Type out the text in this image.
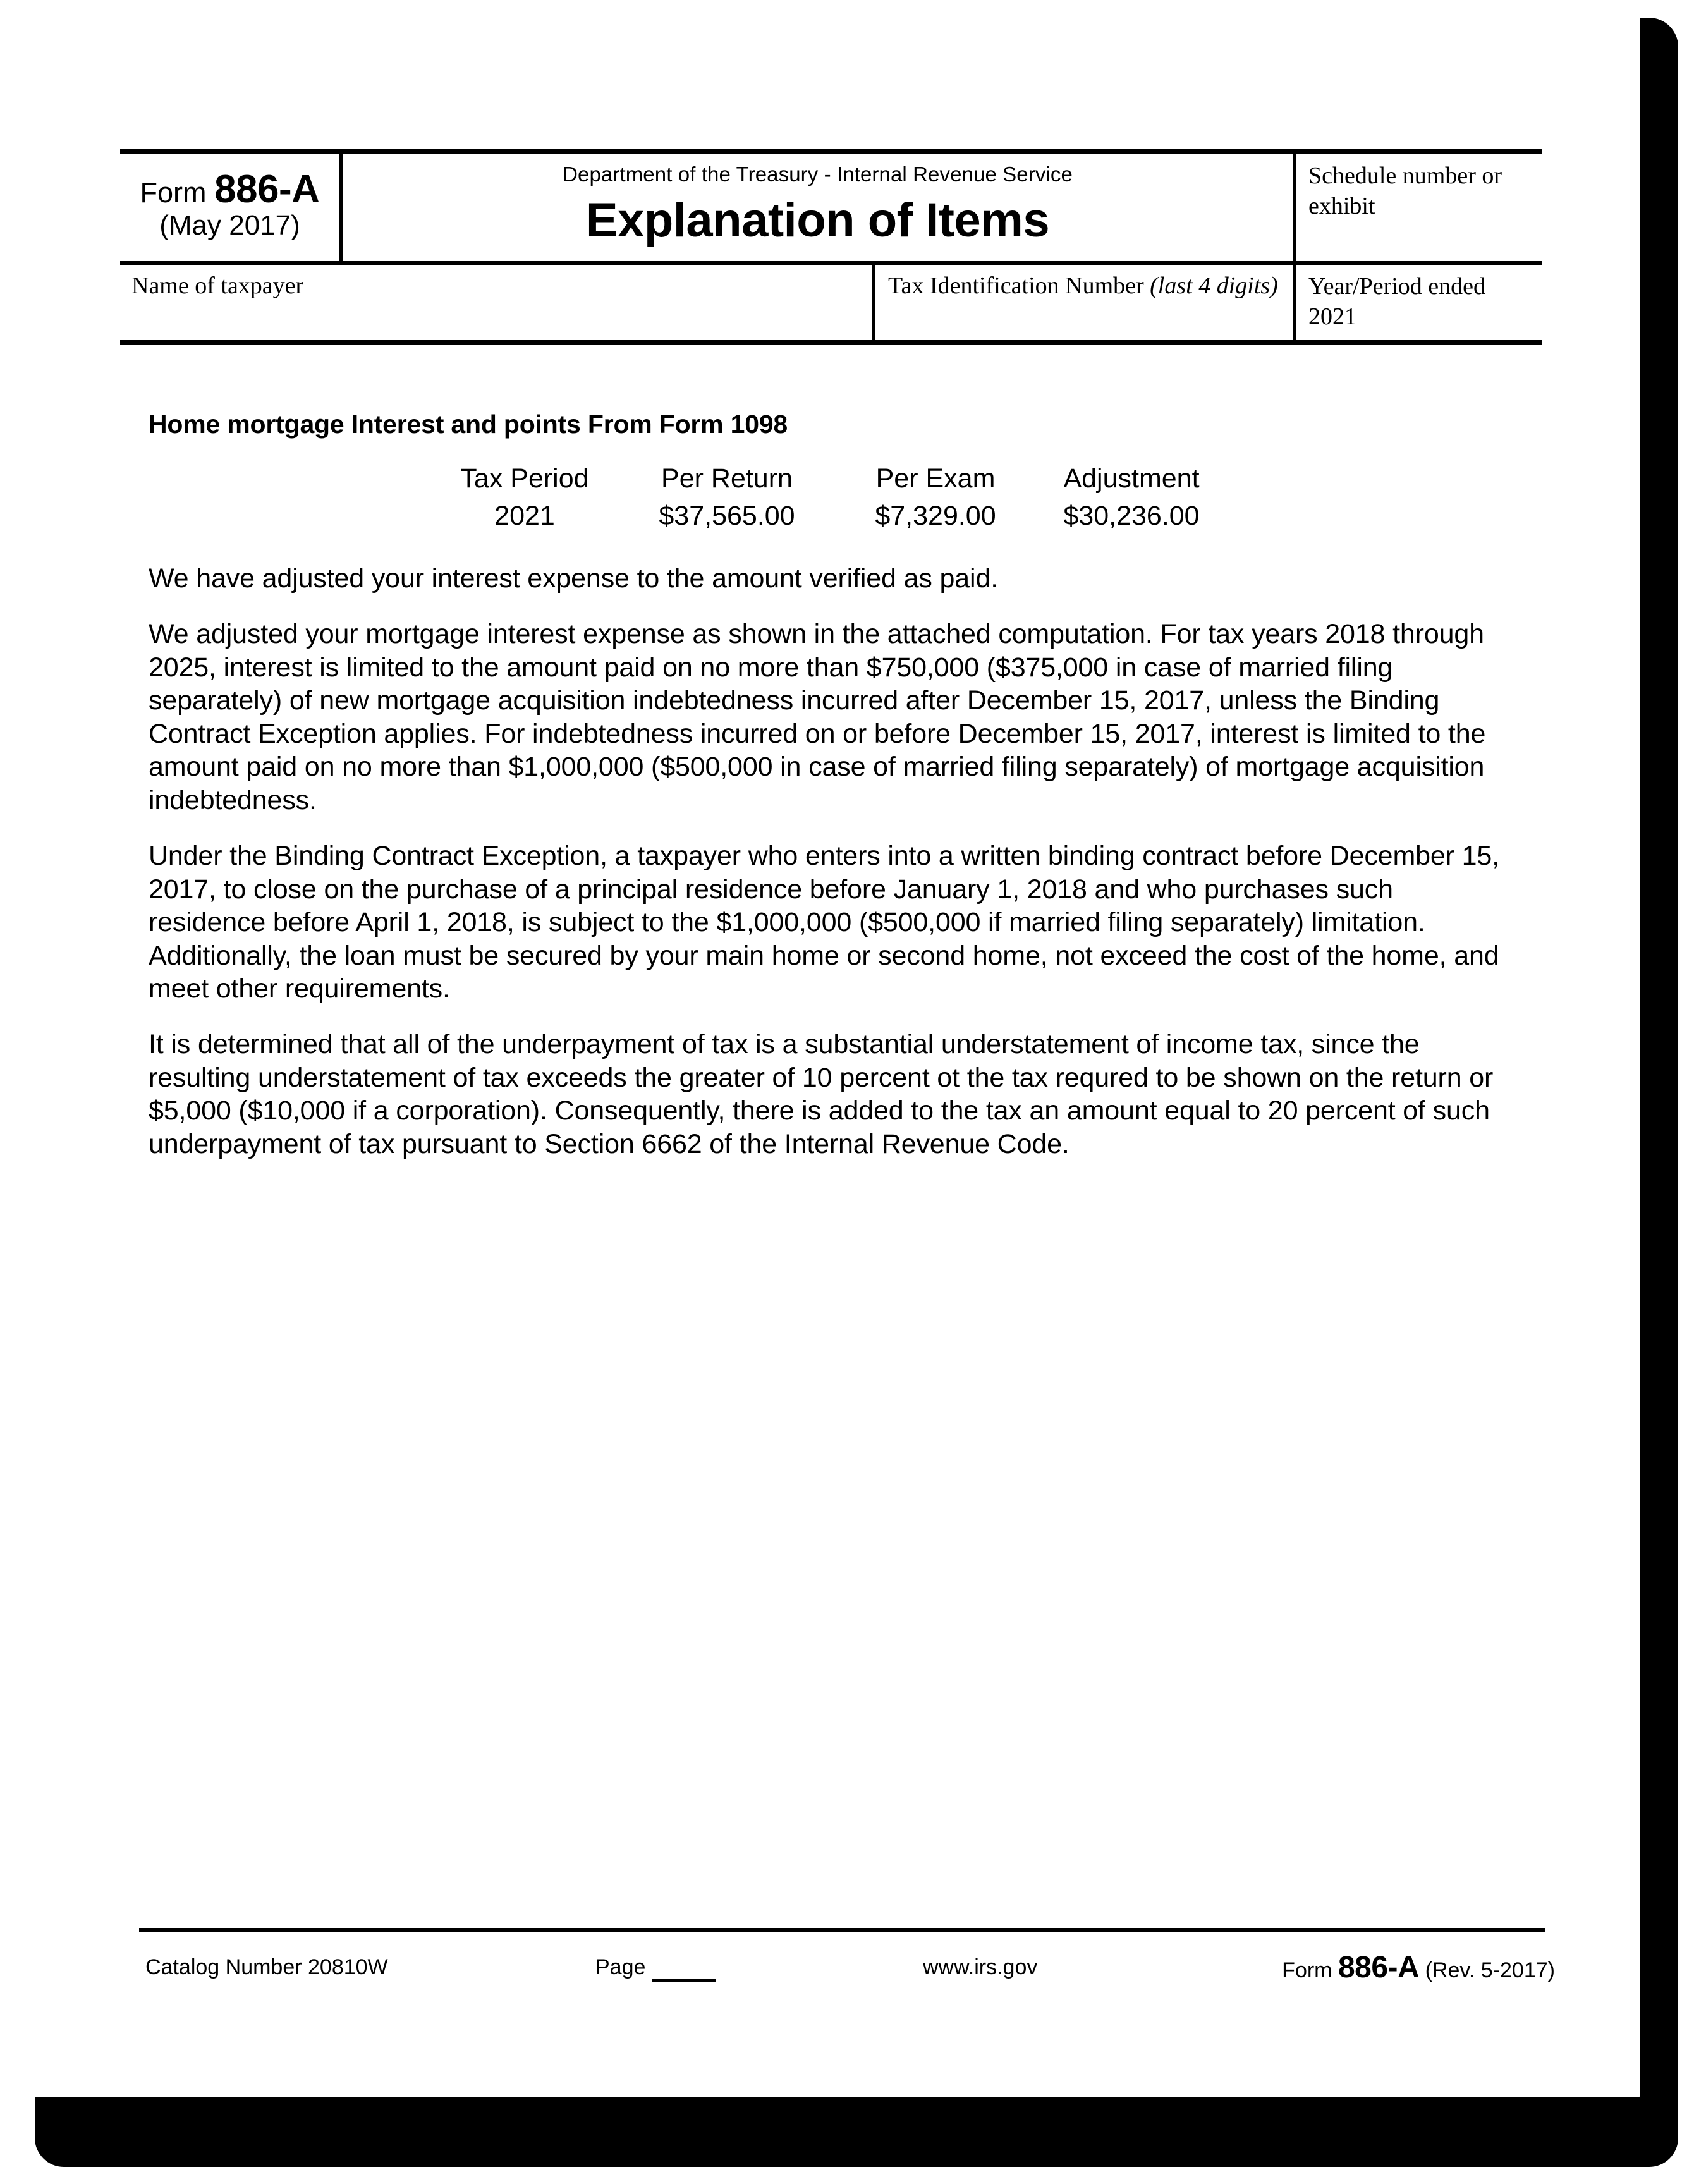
Form 886-A
(May 2017)
Department of the Treasury - Internal Revenue Service
Explanation of Items
Schedule number or exhibit
Name of taxpayer	Tax Identification Number (last 4 digits)	Year/Period ended
2021
Home mortgage Interest and points From Form 1098
Tax Period	Per Return	Per Exam	Adjustment
2021	$37,565.00	$7,329.00	$30,236.00

We have adjusted your interest expense to the amount verified as paid.

We adjusted your mortgage interest expense as shown in the attached computation. For tax years 2018 through 2025, interest is limited to the amount paid on no more than $750,000 ($375,000 in case of married filing separately) of new mortgage acquisition indebtedness incurred after December 15, 2017, unless the Binding Contract Exception applies. For indebtedness incurred on or before December 15, 2017, interest is limited to the amount paid on no more than $1,000,000 ($500,000 in case of married filing separately) of mortgage acquisition indebtedness.

Under the Binding Contract Exception, a taxpayer who enters into a written binding contract before December 15, 2017, to close on the purchase of a principal residence before January 1, 2018 and who purchases such residence before April 1, 2018, is subject to the $1,000,000 ($500,000 if married filing separately) limitation. Additionally, the loan must be secured by your main home or second home, not exceed the cost of the home, and meet other requirements.

It is determined that all of the underpayment of tax is a substantial understatement of income tax, since the resulting understatement of tax exceeds the greater of 10 percent ot the tax requred to be shown on the return or $5,000 ($10,000 if a corporation). Consequently, there is added to the tax an amount equal to 20 percent of such underpayment of tax pursuant to Section 6662 of the Internal Revenue Code.

Catalog Number 20810W	Page	www.irs.gov	Form 886-A (Rev. 5-2017)
